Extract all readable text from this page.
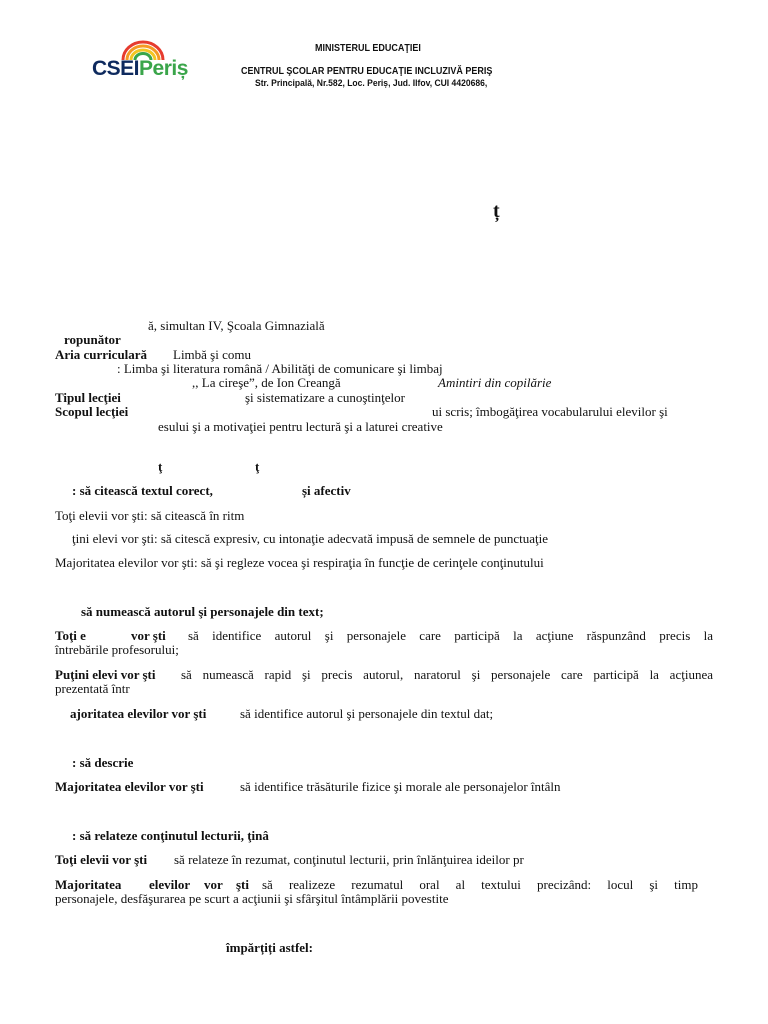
CSEIPeriș
MINISTERUL EDUCAŢIEI
CENTRUL ŞCOLAR PENTRU EDUCAŢIE INCLUZIVĂ PERIŞ
Str. Principală, Nr.582, Loc. Periș, Jud. Ilfov, CUI 4420686,
ț
ă, simultan IV, Şcoala Gimnazială
ropunător
Aria curriculară Limbă şi comu
: Limba şi literatura română / Abilităţi de comunicare şi limbaj
,, La cireşe”, de Ion Creangă	Amintiri din copilărie
Tipul lecţiei	şi sistematizare a cunoştinţelor
Scopul lecţiei	ui scris; îmbogăţirea vocabularului elevilor şi
esului şi a motivaţiei pentru lectură şi a laturei creative
ţ	ţ
: să citească textul corect,	și afectiv
Toţi elevii vor şti: să citească în ritm
ţini elevi vor şti: să citescă expresiv, cu intonaţie adecvată impusă de semnele de punctuaţie
Majoritatea elevilor vor şti: să şi regleze vocea şi respiraţia în funcţie de cerinţele conţinutului
să numească autorul şi personajele din text;
Toţi e	vor şti să identifice autorul şi personajele care participă la acţiune răspunzând precis la
întrebările profesorului;
Puţini elevi vor şti să numească rapid şi precis autorul, naratorul şi personajele care participă la acţiunea
prezentată într
ajoritatea elevilor vor şti	să identifice autorul şi personajele din textul dat;
: să descrie
Majoritatea elevilor vor şti	să identifice trăsăturile fizice şi morale ale personajelor întâln
: să relateze conţinutul lecturii, ţinâ
Toţi elevii vor şti să relateze în rezumat, conţinutul lecturii, prin înlănţuirea ideilor pr
Majoritatea elevilor vor şti să realizeze rezumatul oral al textului precizând: locul şi timp
personajele, desfăşurarea pe scurt a acţiunii şi sfârşitul întâmplării povestite
împărțiți astfel:
